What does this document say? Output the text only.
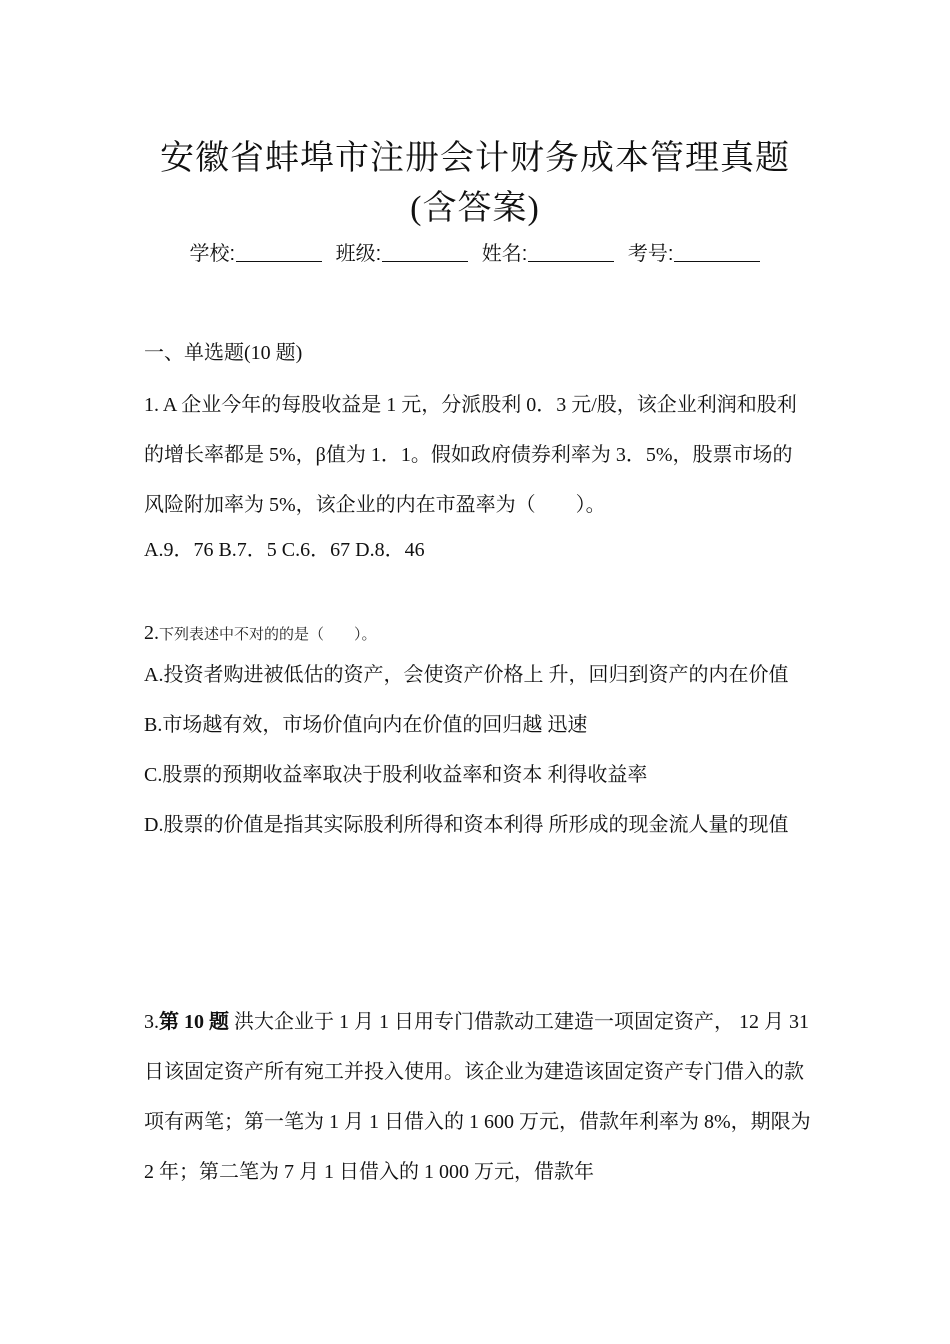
安徽省蚌埠市注册会计财务成本管理真题
(含答案)
学校:	班级:	姓名:	考号:
一、单选题(10 题)

1. A 企业今年的每股收益是 1 元，分派股利 0．3 元/股，该企业利润和股利的增长率都是 5%，β值为 1．1。假如政府债券利率为 3．5%，股票市场的风险附加率为 5%，该企业的内在市盈率为（　　）。

A.9．76 B.7．5 C.6．67 D.8．46

2.下列表述中不对的的是（　　）。

A.投资者购进被低估的资产，会使资产价格上 升，回归到资产的内在价值

B.市场越有效，市场价值向内在价值的回归越 迅速

C.股票的预期收益率取决于股利收益率和资本 利得收益率

D.股票的价值是指其实际股利所得和资本利得 所形成的现金流人量的现值

3.第 10 题 洪大企业于 1 月 1 日用专门借款动工建造一项固定资产， 12 月 31 日该固定资产所有宛工并投入使用。该企业为建造该固定资产专门借入的款项有两笔；第一笔为 1 月 1 日借入的 1 600 万元，借款年利率为 8%，期限为 2 年；第二笔为 7 月 1 日借入的 1 000 万元，借款年
